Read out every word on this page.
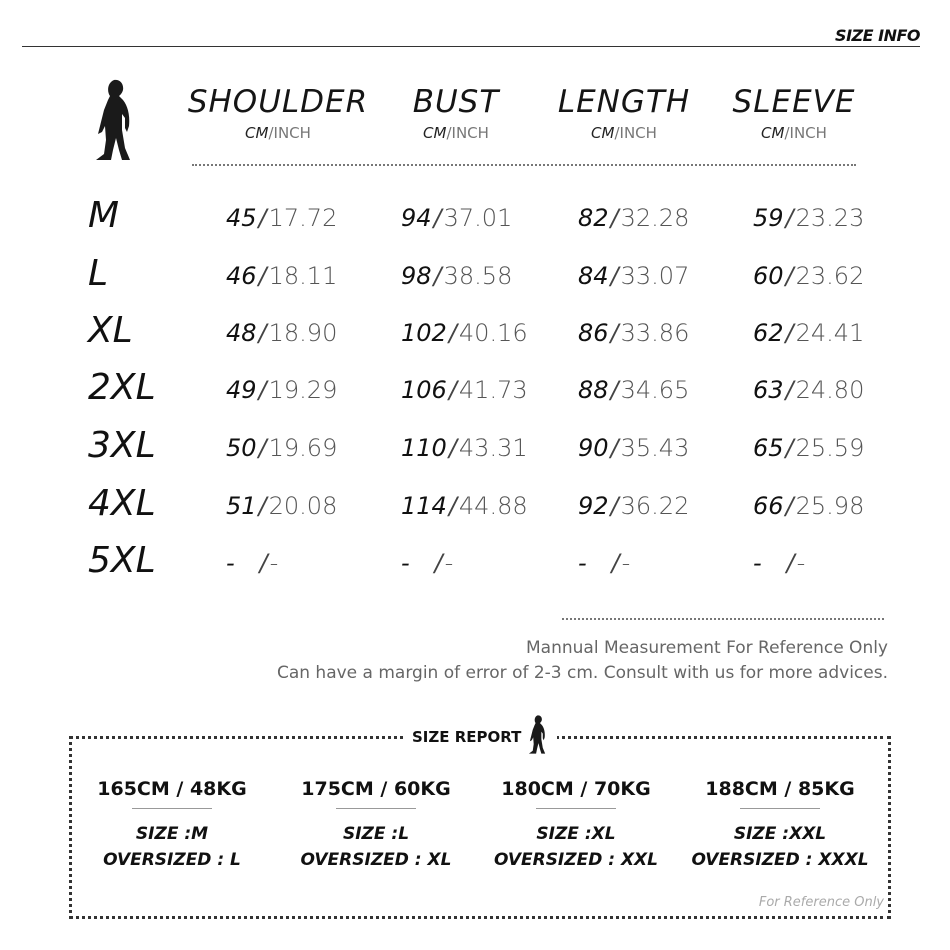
SIZE INFO
SHOULDER
CM/INCH
BUST
CM/INCH
LENGTH
CM/INCH
SLEEVE
CM/INCH
M	45/17.72	94/37.01	82/32.28	59/23.23
L	46/18.11	98/38.58	84/33.07	60/23.62
XL	48/18.90	102/40.16	86/33.86	62/24.41
2XL	49/19.29	106/41.73	88/34.65	63/24.80
3XL	50/19.69	110/43.31	90/35.43	65/25.59
4XL	51/20.08	114/44.88	92/36.22	66/25.98
5XL	-   /-	-   /-	-   /-	-   /-
Mannual Measurement For Reference Only
Can have a margin of error of 2-3 cm. Consult with us for more advices.
SIZE REPORT
165CM / 48KG
SIZE :M
OVERSIZED : L
175CM / 60KG
SIZE :L
OVERSIZED : XL
180CM / 70KG
SIZE :XL
OVERSIZED : XXL
188CM / 85KG
SIZE :XXL
OVERSIZED : XXXL
For Reference Only
